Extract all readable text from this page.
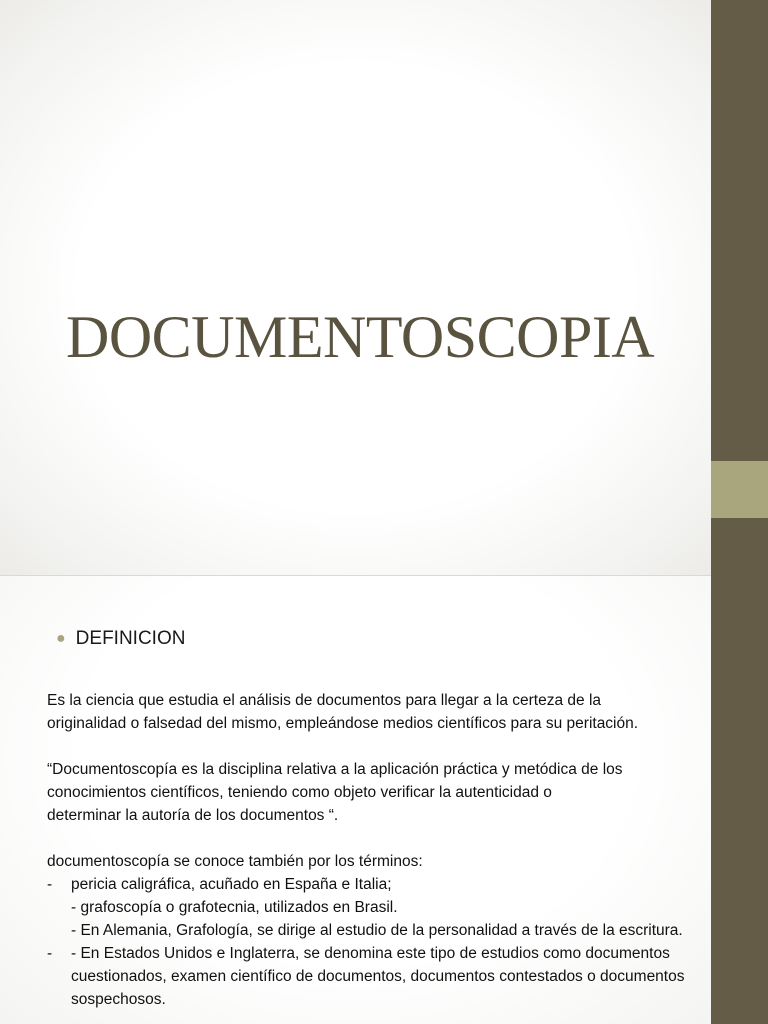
DOCUMENTOSCOPIA
● DEFINICION

Es la ciencia que estudia el análisis de documentos para llegar a la certeza de la
originalidad o falsedad del mismo, empleándose medios científicos para su peritación.

“Documentoscopía es la disciplina relativa a la aplicación práctica y metódica de los
conocimientos científicos, teniendo como objeto verificar la autenticidad o
determinar la autoría de los documentos “.

documentoscopía se conoce también por los términos:

-	pericia caligráfica, acuñado en España e Italia;

- grafoscopía o grafotecnia, utilizados en Brasil.

- En Alemania, Grafología, se dirige al estudio de la personalidad a través de la escritura.

-	- En Estados Unidos e Inglaterra, se denomina este tipo de estudios como documentos cuestionados, examen científico de documentos, documentos contestados o documentos sospechosos.
